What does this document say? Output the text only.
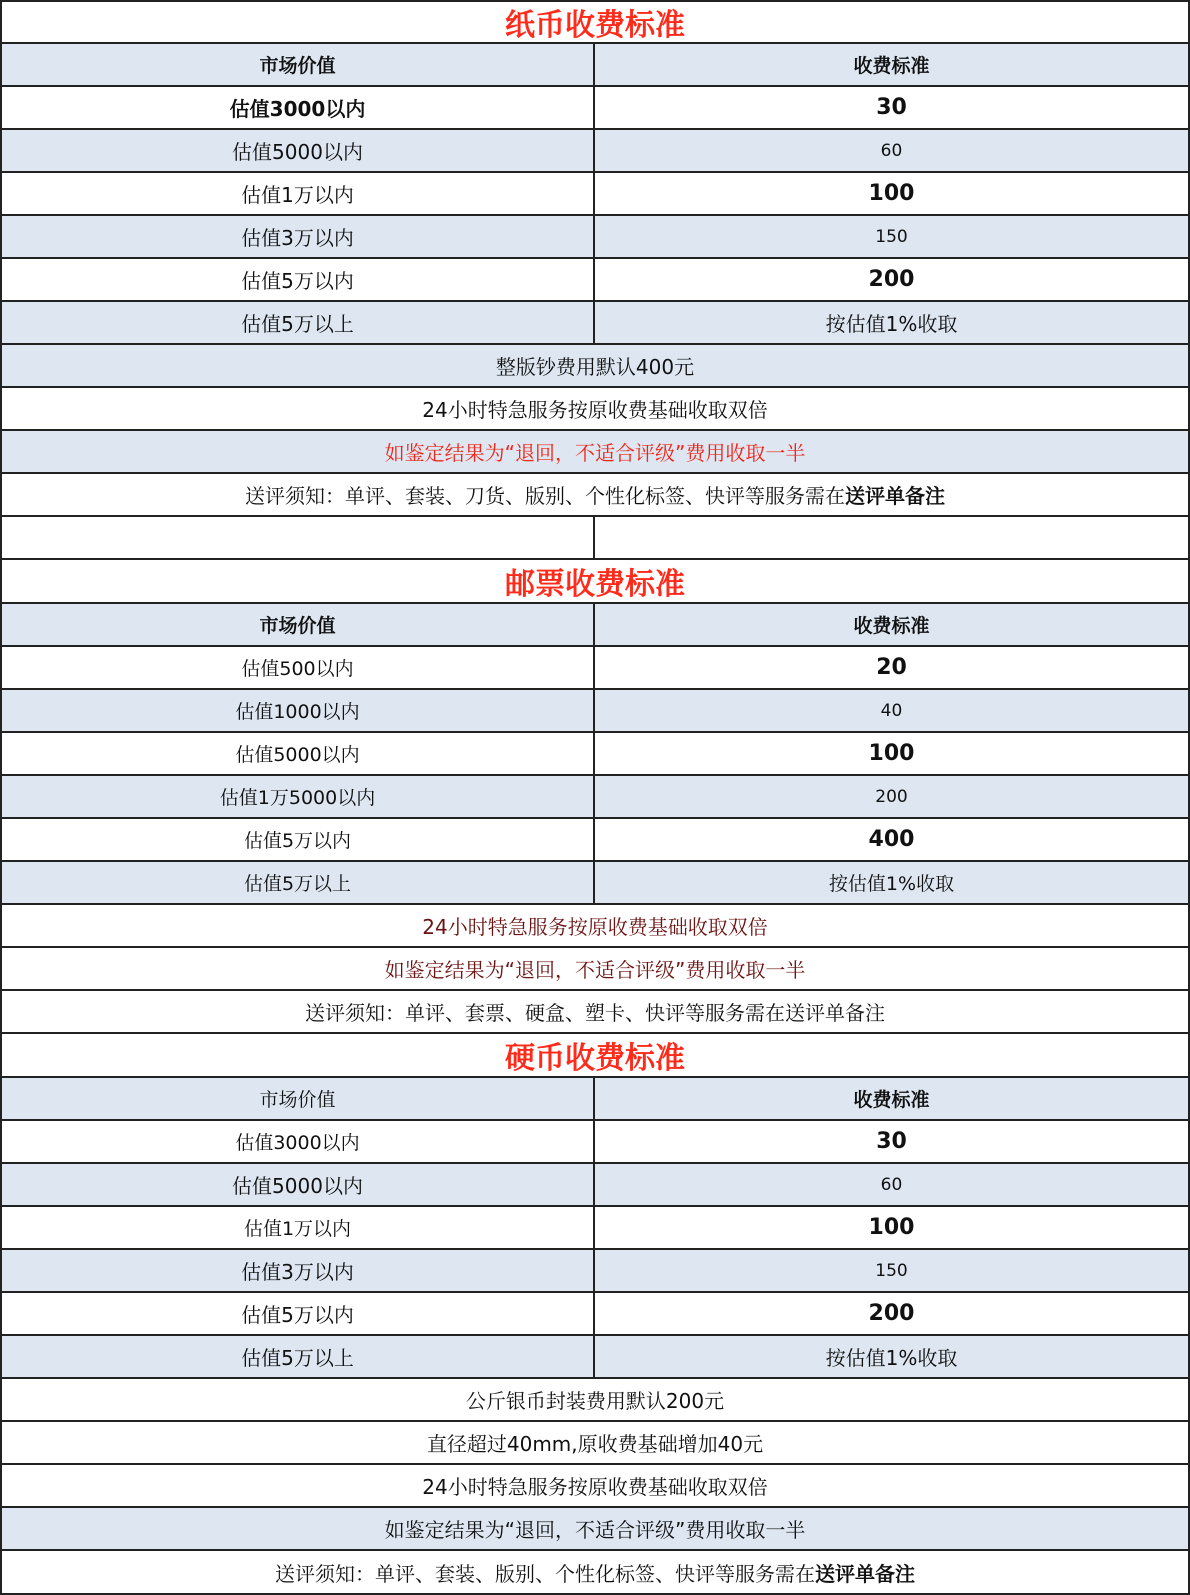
纸币收费标准
市场价值	收费标准
估值3000以内	30
估值5000以内	60
估值1万以内	100
估值3万以内	150
估值5万以内	200
估值5万以上	按估值1%收取
整版钞费用默认400元
24小时特急服务按原收费基础收取双倍
如鉴定结果为“退回，不适合评级”费用收取一半
送评须知：单评、套装、刀货、版别、个性化标签、快评等服务需在 送评单备注
邮票收费标准
市场价值	收费标准
估值500以内	20
估值1000以内	40
估值5000以内	100
估值1万5000以内	200
估值5万以内	400
估值5万以上	按估值1%收取
24小时特急服务按原收费基础收取双倍
如鉴定结果为“退回，不适合评级”费用收取一半
送评须知：单评、套票、硬盒、塑卡、快评等服务需在送评单备注
硬币收费标准
市场价值	收费标准
估值3000以内	30
估值5000以内	60
估值1万以内	100
估值3万以内	150
估值5万以内	200
估值5万以上	按估值1%收取
公斤银币封装费用默认200元
直径超过40mm,原收费基础增加40元
24小时特急服务按原收费基础收取双倍
如鉴定结果为“退回，不适合评级”费用收取一半
送评须知：单评、套装、版别、个性化标签、快评等服务需在 送评单备注
